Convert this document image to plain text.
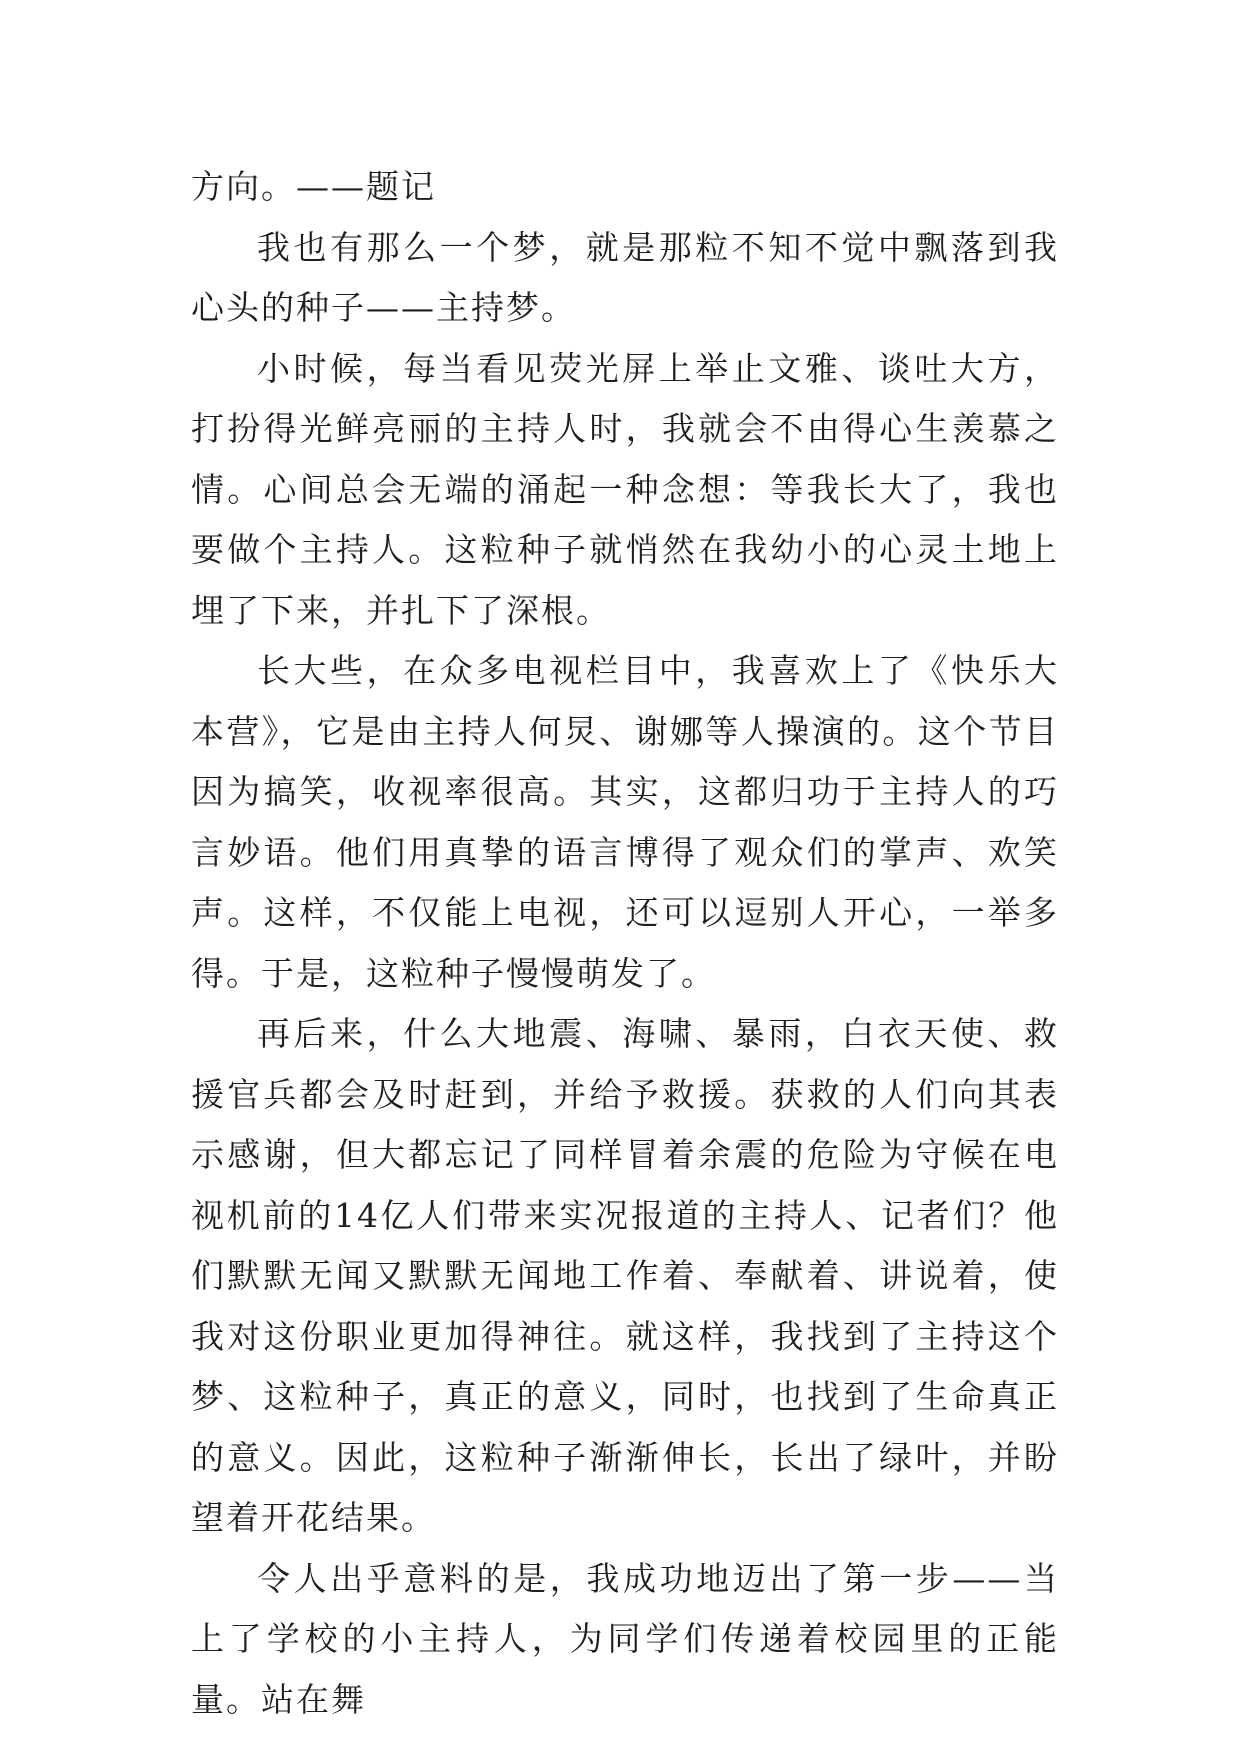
方向。——题记

我也有那么一个梦，就是那粒不知不觉中飘落到我心头的种子——主持梦。

小时候，每当看见荧光屏上举止文雅、谈吐大方，打扮得光鲜亮丽的主持人时，我就会不由得心生羡慕之情。心间总会无端的涌起一种念想：等我长大了，我也要做个主持人。这粒种子就悄然在我幼小的心灵土地上埋了下来，并扎下了深根。

长大些，在众多电视栏目中，我喜欢上了《快乐大本营》，它是由主持人何炅、谢娜等人操演的。这个节目因为搞笑，收视率很高。其实，这都归功于主持人的巧言妙语。他们用真挚的语言博得了观众们的掌声、欢笑声。这样，不仅能上电视，还可以逗别人开心，一举多得。于是，这粒种子慢慢萌发了。

再后来，什么大地震、海啸、暴雨，白衣天使、救援官兵都会及时赶到，并给予救援。获救的人们向其表示感谢，但大都忘记了同样冒着余震的危险为守候在电视机前的14亿人们带来实况报道的主持人、记者们？他们默默无闻又默默无闻地工作着、奉献着、讲说着，使我对这份职业更加得神往。就这样，我找到了主持这个梦、这粒种子，真正的意义，同时，也找到了生命真正的意义。因此，这粒种子渐渐伸长，长出了绿叶，并盼望着开花结果。

令人出乎意料的是，我成功地迈出了第一步——当上了学校的小主持人，为同学们传递着校园里的正能量。站在舞
